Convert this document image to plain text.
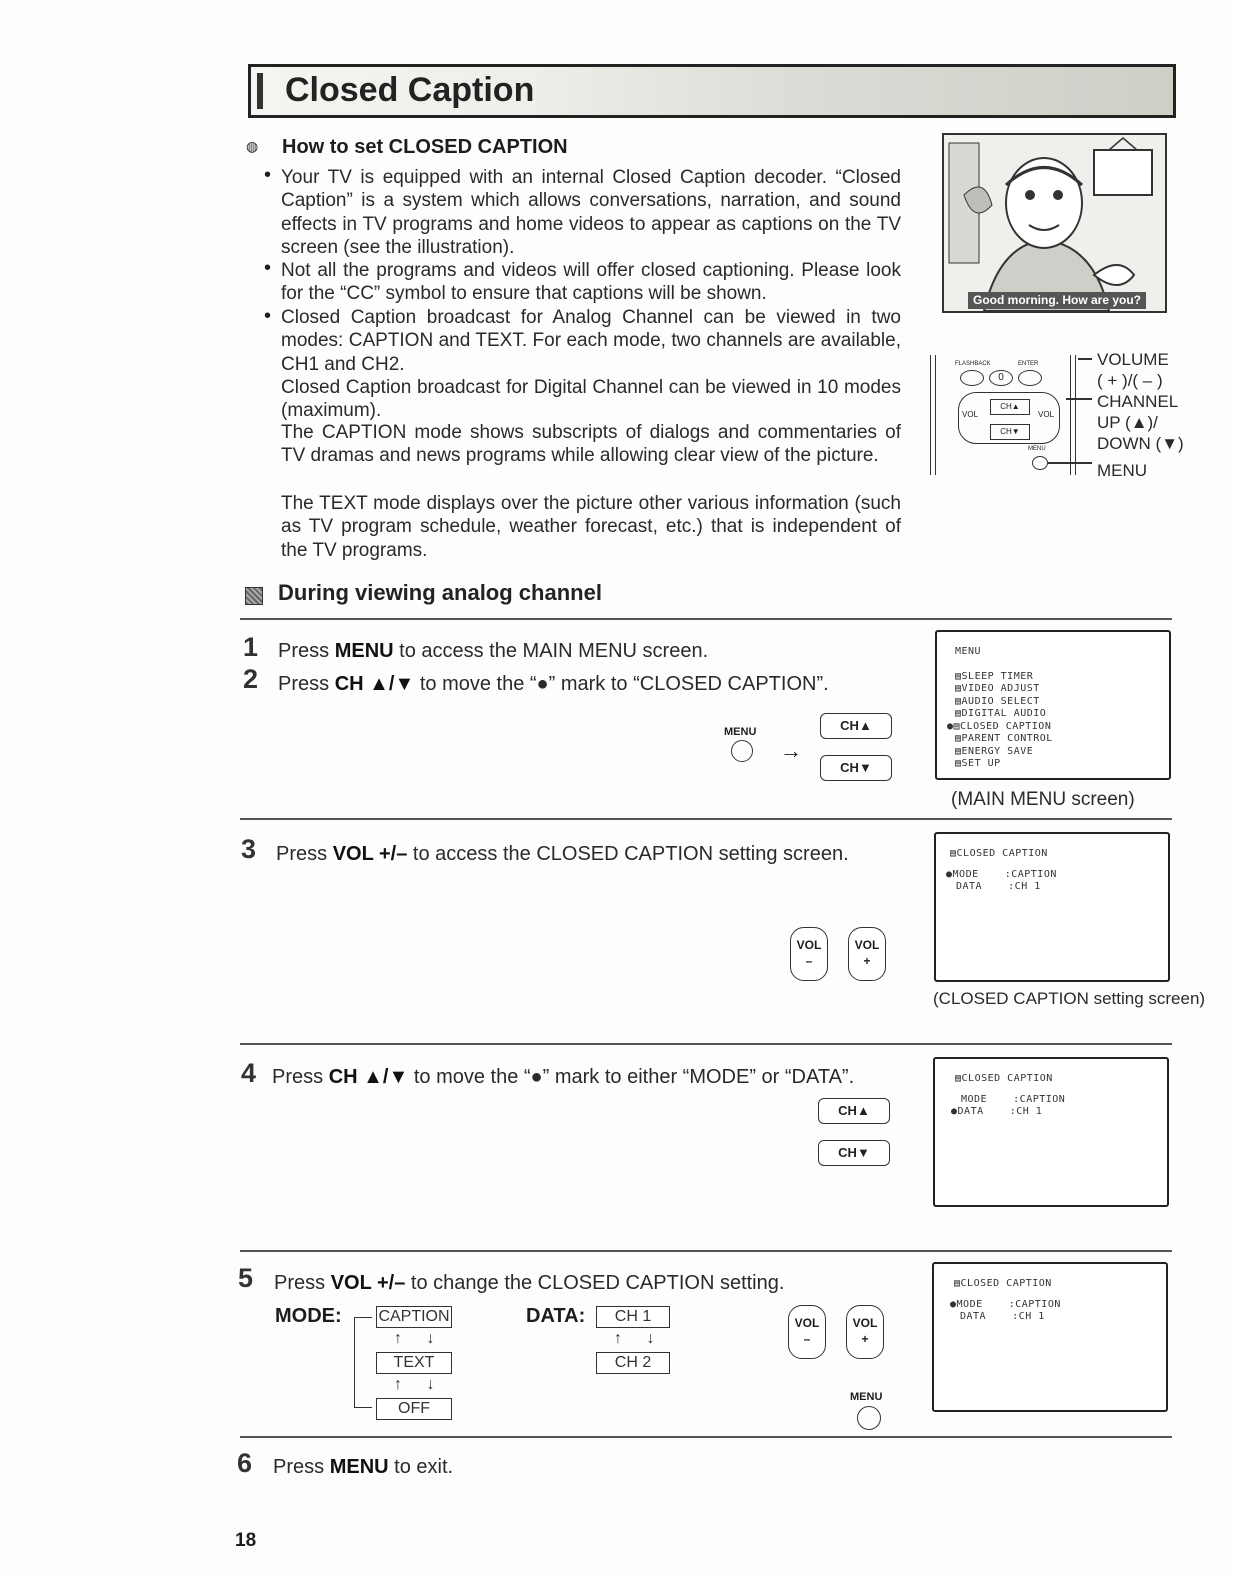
Closed Caption
◍ How to set CLOSED CAPTION
• Your TV is equipped with an internal Closed Caption decoder. “Closed Caption” is a system which allows conversations, narration, and sound effects in TV programs and home videos to appear as captions on the TV screen (see the illustration).
• Not all the programs and videos will offer closed captioning. Please look for the “CC” symbol to ensure that captions will be shown.
• Closed Caption broadcast for Analog Channel can be viewed in two modes: CAPTION and TEXT. For each mode, two channels are available, CH1 and CH2.
Closed Caption broadcast for Digital Channel can be viewed in 10 modes (maximum).
The CAPTION mode shows subscripts of dialogs and commentaries of TV dramas and news programs while allowing clear view of the picture.
The TEXT mode displays over the picture other various information (such as TV program schedule, weather forecast, etc.) that is independent of the TV programs.
Good morning. How are you?
FLASHBACK	ENTER
0
VOL	VOL
CH▲
CH▼
MENU
VOLUME
( + )/( – )
CHANNEL
UP (▲)/
DOWN (▼)
MENU
During viewing analog channel
1 Press MENU to access the MAIN MENU screen.
2 Press CH ▲/▼ to move the “●” mark to “CLOSED CAPTION”.
MENU
→
CH▲
CH▼
MENU
▤SLEEP TIMER
▤VIDEO ADJUST
▤AUDIO SELECT
▤DIGITAL AUDIO
●▤CLOSED CAPTION
▤PARENT CONTROL
▤ENERGY SAVE
▤SET UP
(MAIN MENU screen)
3 Press VOL +/– to access the CLOSED CAPTION setting screen.
VOL
–
VOL
+
▤CLOSED CAPTION
●MODE    :CAPTION
DATA    :CH 1
(CLOSED CAPTION setting screen)
4 Press CH ▲/▼ to move the “●” mark to either “MODE” or “DATA”.
CH▲
CH▼
▤CLOSED CAPTION
MODE    :CAPTION
●DATA    :CH 1
5 Press VOL +/– to change the CLOSED CAPTION setting.
MODE: CAPTION
↑ ↓
TEXT
↑ ↓
OFF
DATA:	CH 1
↑ ↓
CH 2
VOL
–
VOL
+
MENU
▤CLOSED CAPTION
●MODE    :CAPTION
DATA    :CH 1
6 Press MENU to exit.
18
